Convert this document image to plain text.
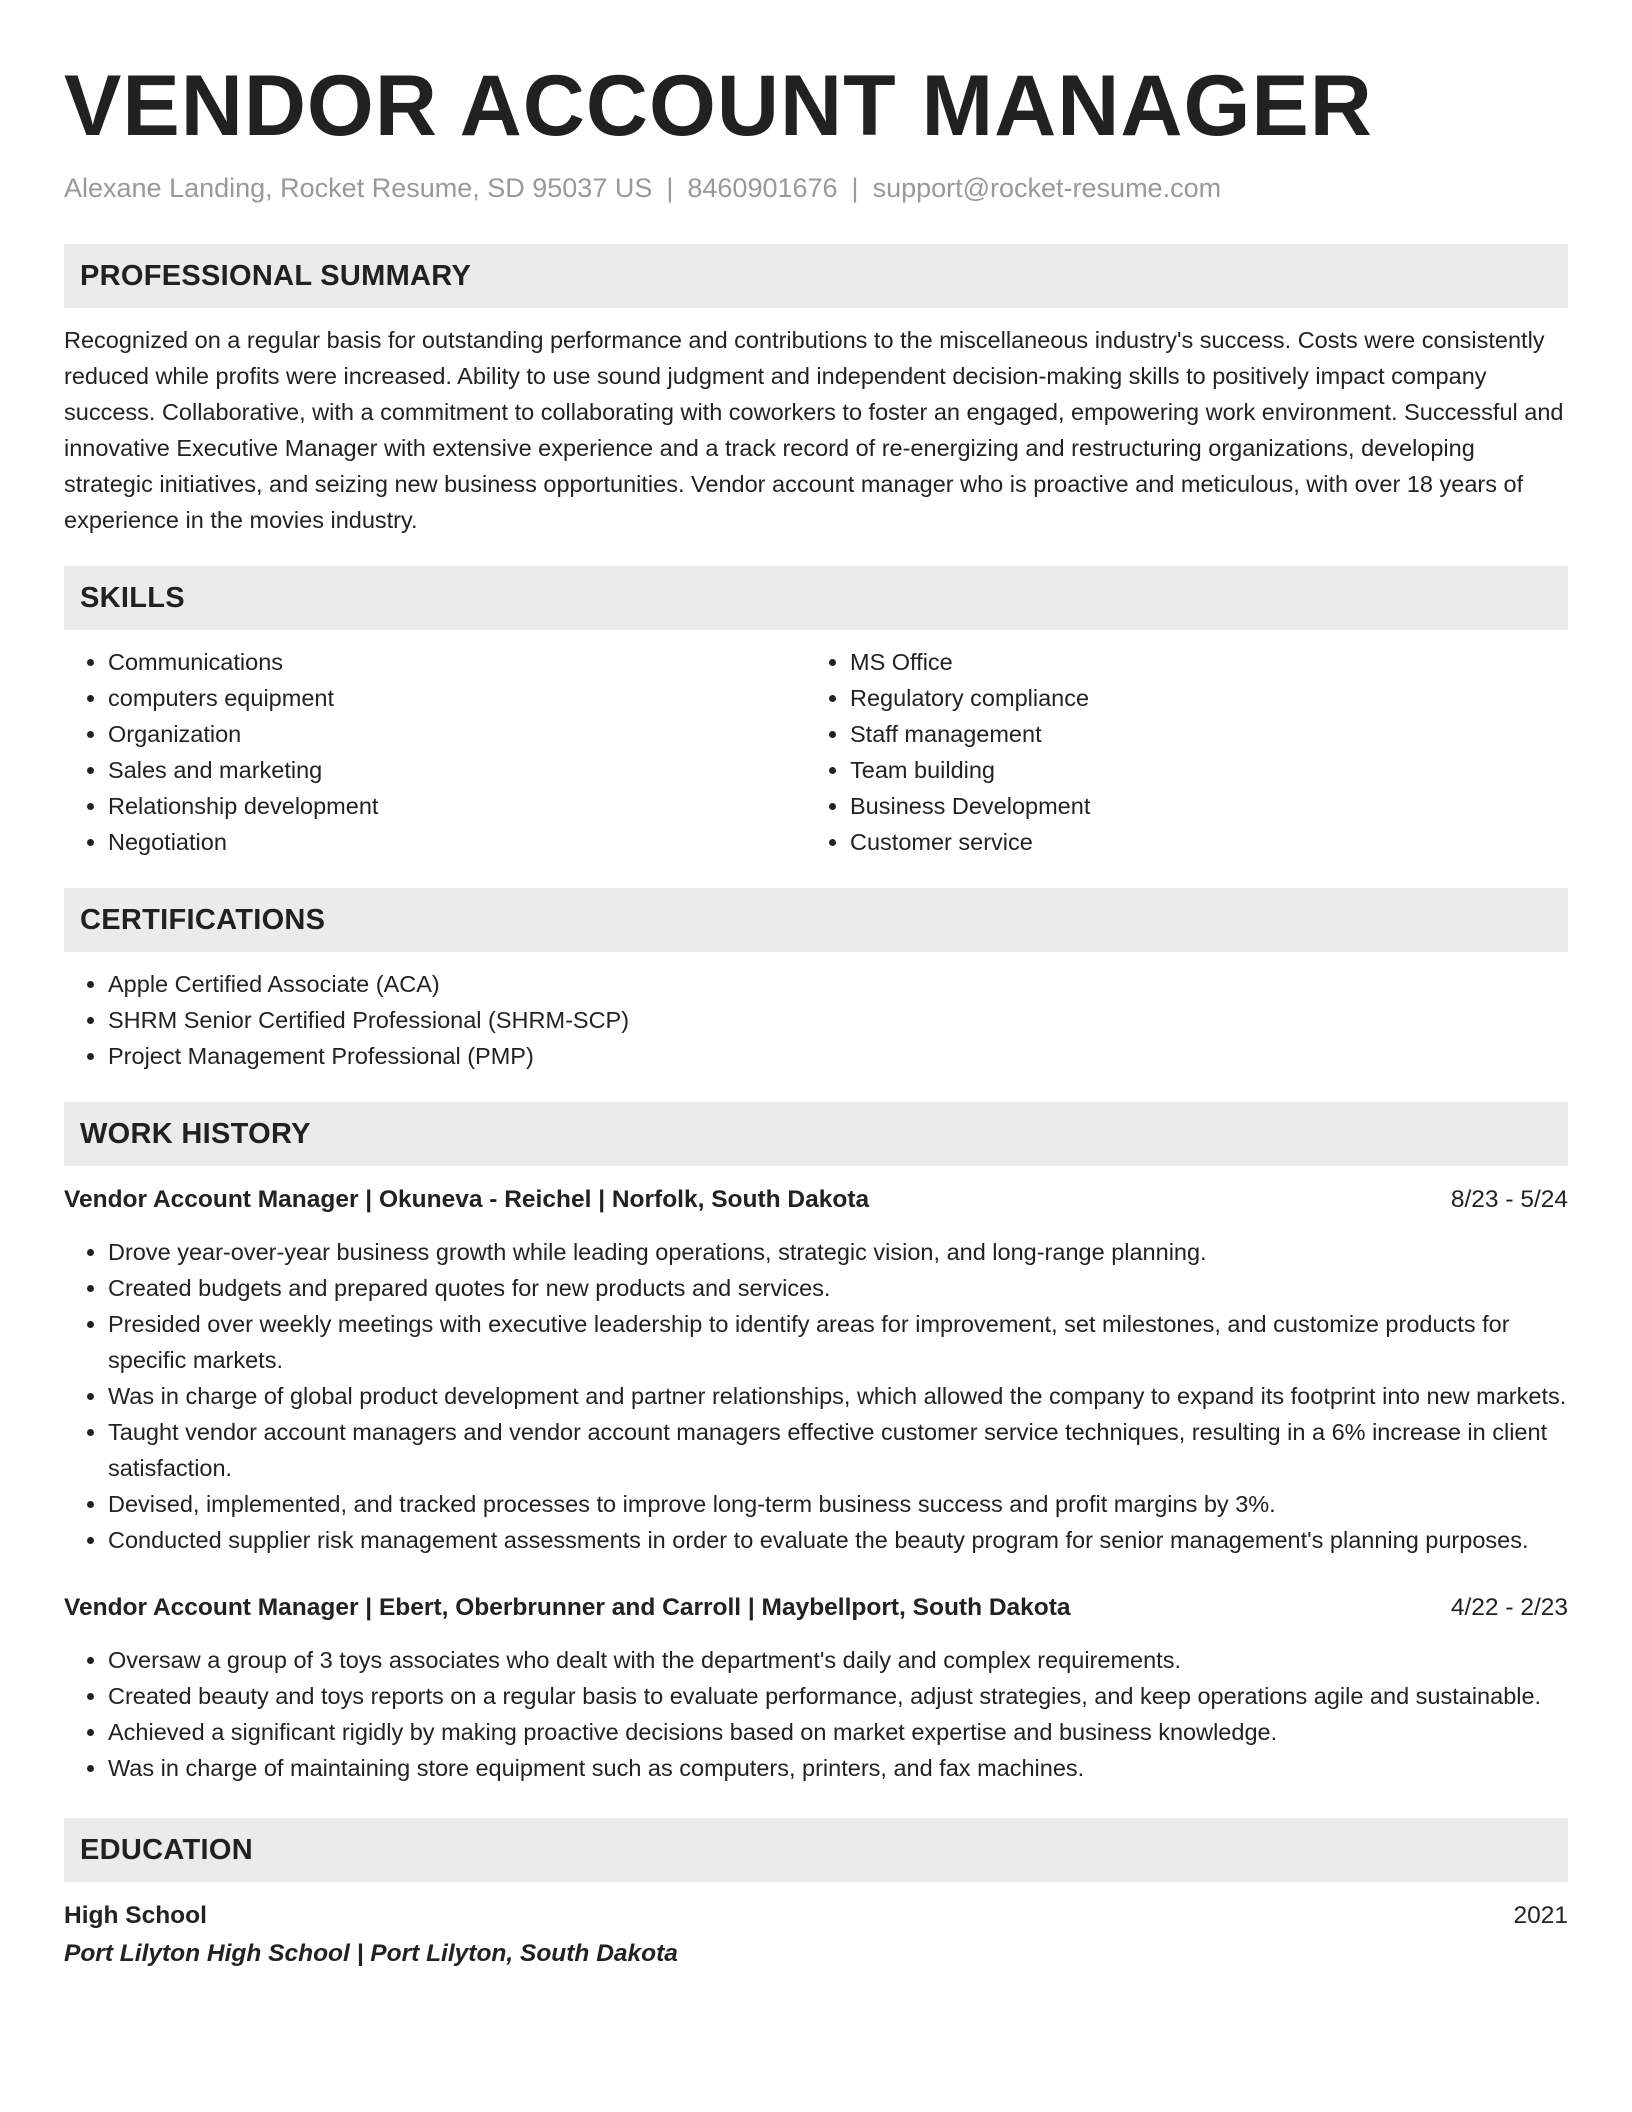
VENDOR ACCOUNT MANAGER
Alexane Landing, Rocket Resume, SD 95037 US | 8460901676 | support@rocket-resume.com
PROFESSIONAL SUMMARY
Recognized on a regular basis for outstanding performance and contributions to the miscellaneous industry's success. Costs were consistently reduced while profits were increased. Ability to use sound judgment and independent decision-making skills to positively impact company success. Collaborative, with a commitment to collaborating with coworkers to foster an engaged, empowering work environment. Successful and innovative Executive Manager with extensive experience and a track record of re-energizing and restructuring organizations, developing strategic initiatives, and seizing new business opportunities. Vendor account manager who is proactive and meticulous, with over 18 years of experience in the movies industry.
SKILLS
• Communications
• computers equipment
• Organization
• Sales and marketing
• Relationship development
• Negotiation
• MS Office
• Regulatory compliance
• Staff management
• Team building
• Business Development
• Customer service
CERTIFICATIONS
• Apple Certified Associate (ACA)
• SHRM Senior Certified Professional (SHRM-SCP)
• Project Management Professional (PMP)
WORK HISTORY
Vendor Account Manager | Okuneva - Reichel | Norfolk, South Dakota	8/23 - 5/24
• Drove year-over-year business growth while leading operations, strategic vision, and long-range planning.
• Created budgets and prepared quotes for new products and services.
• Presided over weekly meetings with executive leadership to identify areas for improvement, set milestones, and customize products for specific markets.
• Was in charge of global product development and partner relationships, which allowed the company to expand its footprint into new markets.
• Taught vendor account managers and vendor account managers effective customer service techniques, resulting in a 6% increase in client satisfaction.
• Devised, implemented, and tracked processes to improve long-term business success and profit margins by 3%.
• Conducted supplier risk management assessments in order to evaluate the beauty program for senior management's planning purposes.
Vendor Account Manager | Ebert, Oberbrunner and Carroll | Maybellport, South Dakota	4/22 - 2/23
• Oversaw a group of 3 toys associates who dealt with the department's daily and complex requirements.
• Created beauty and toys reports on a regular basis to evaluate performance, adjust strategies, and keep operations agile and sustainable.
• Achieved a significant rigidly by making proactive decisions based on market expertise and business knowledge.
• Was in charge of maintaining store equipment such as computers, printers, and fax machines.
EDUCATION
High School	2021
Port Lilyton High School | Port Lilyton, South Dakota
